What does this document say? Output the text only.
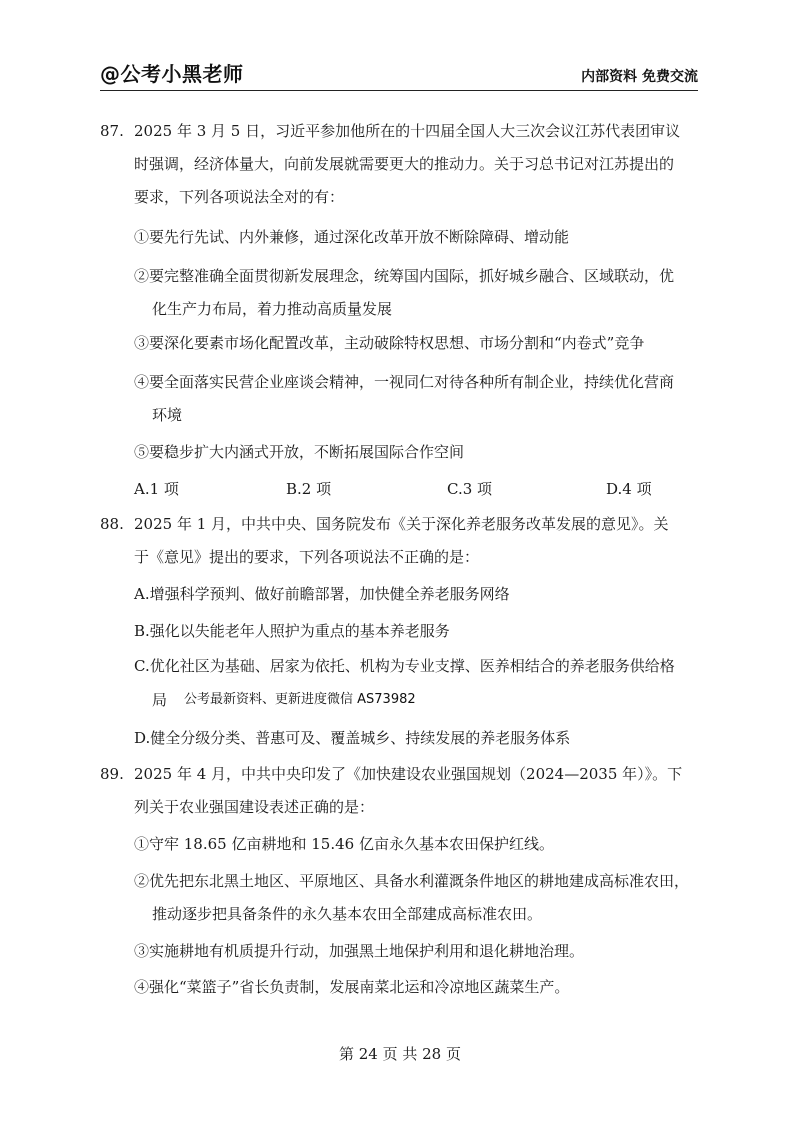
@公考小黑老师	内部资料 免费交流
87. 2025 年 3 月 5 日，习近平参加他所在的十四届全国人大三次会议江苏代表团审议
时强调，经济体量大，向前发展就需要更大的推动力。关于习总书记对江苏提出的
要求，下列各项说法全对的有：
①要先行先试、内外兼修，通过深化改革开放不断除障碍、增动能
②要完整准确全面贯彻新发展理念，统筹国内国际，抓好城乡融合、区域联动，优
化生产力布局，着力推动高质量发展
③要深化要素市场化配置改革，主动破除特权思想、市场分割和“内卷式”竞争
④要全面落实民营企业座谈会精神，一视同仁对待各种所有制企业，持续优化营商
环境
⑤要稳步扩大内涵式开放，不断拓展国际合作空间
A.1 项	B.2 项	C.3 项	D.4 项
88. 2025 年 1 月，中共中央、国务院发布《关于深化养老服务改革发展的意见》。关
于《意见》提出的要求，下列各项说法不正确的是：
A.增强科学预判、做好前瞻部署，加快健全养老服务网络
B.强化以失能老年人照护为重点的基本养老服务
C.优化社区为基础、居家为依托、机构为专业支撑、医养相结合的养老服务供给格
局 公考最新资料、更新进度微信 AS73982
D.健全分级分类、普惠可及、覆盖城乡、持续发展的养老服务体系
89. 2025 年 4 月，中共中央印发了《加快建设农业强国规划（2024—2035 年）》。下
列关于农业强国建设表述正确的是：
①守牢 18.65 亿亩耕地和 15.46 亿亩永久基本农田保护红线。
②优先把东北黑土地区、平原地区、具备水利灌溉条件地区的耕地建成高标准农田，
推动逐步把具备条件的永久基本农田全部建成高标准农田。
③实施耕地有机质提升行动，加强黑土地保护利用和退化耕地治理。
④强化“菜篮子”省长负责制，发展南菜北运和冷凉地区蔬菜生产。
第 24 页 共 28 页
